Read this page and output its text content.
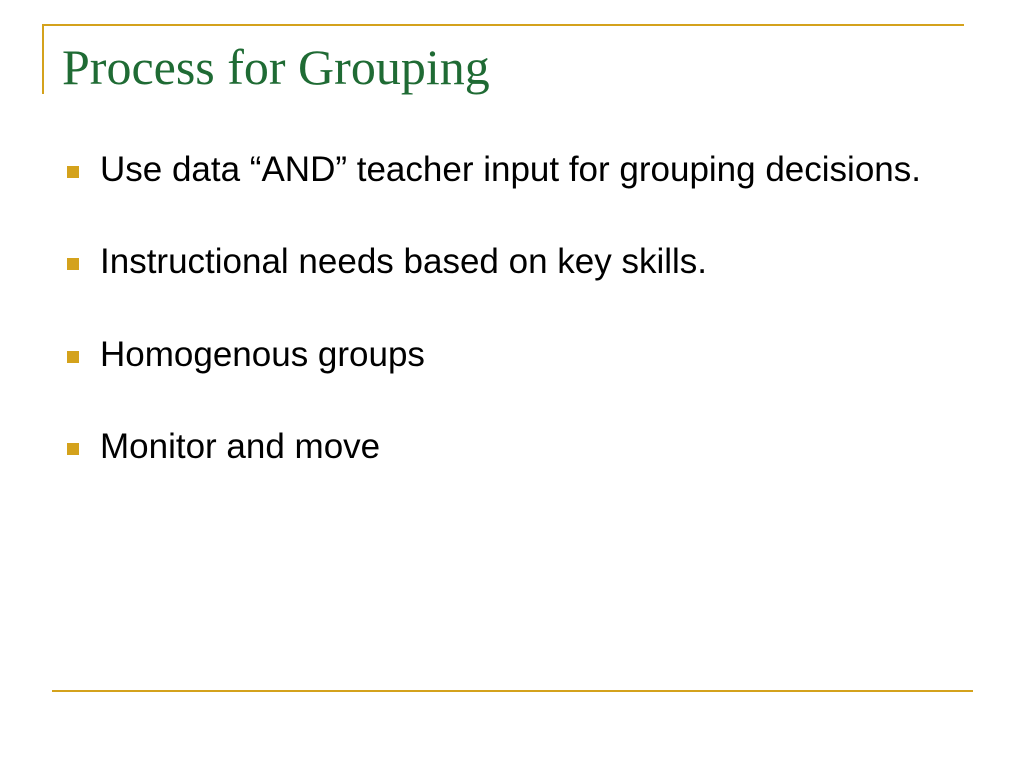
Process for Grouping
Use data “AND” teacher input for grouping decisions.
Instructional needs based on key skills.
Homogenous groups
Monitor and move
